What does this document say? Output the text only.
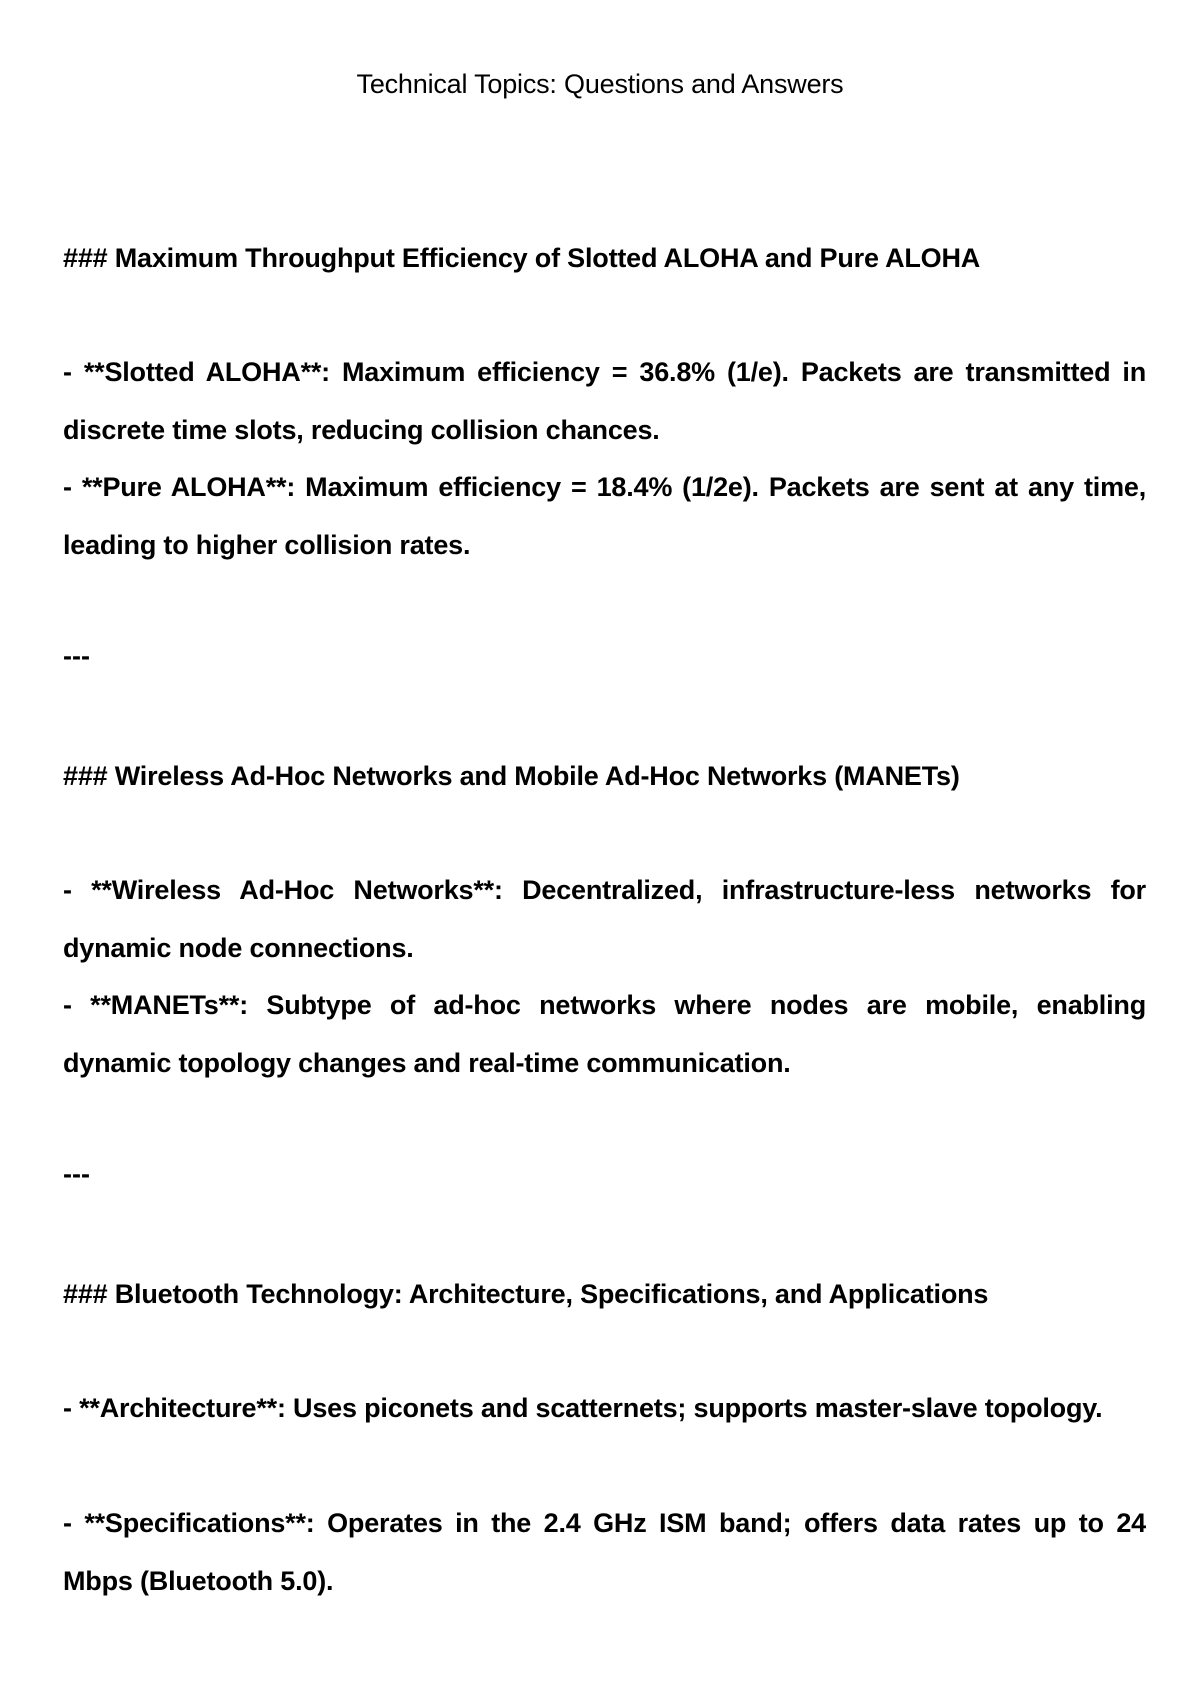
Technical Topics: Questions and Answers
### Maximum Throughput Efficiency of Slotted ALOHA and Pure ALOHA
- **Slotted ALOHA**: Maximum efficiency = 36.8% (1/e). Packets are transmitted in discrete time slots, reducing collision chances.
- **Pure ALOHA**: Maximum efficiency = 18.4% (1/2e). Packets are sent at any time, leading to higher collision rates.
---
### Wireless Ad-Hoc Networks and Mobile Ad-Hoc Networks (MANETs)
- **Wireless Ad-Hoc Networks**: Decentralized, infrastructure-less networks for dynamic node connections.
- **MANETs**: Subtype of ad-hoc networks where nodes are mobile, enabling dynamic topology changes and real-time communication.
---
### Bluetooth Technology: Architecture, Specifications, and Applications
- **Architecture**: Uses piconets and scatternets; supports master-slave topology.
- **Specifications**: Operates in the 2.4 GHz ISM band; offers data rates up to 24 Mbps (Bluetooth 5.0).
